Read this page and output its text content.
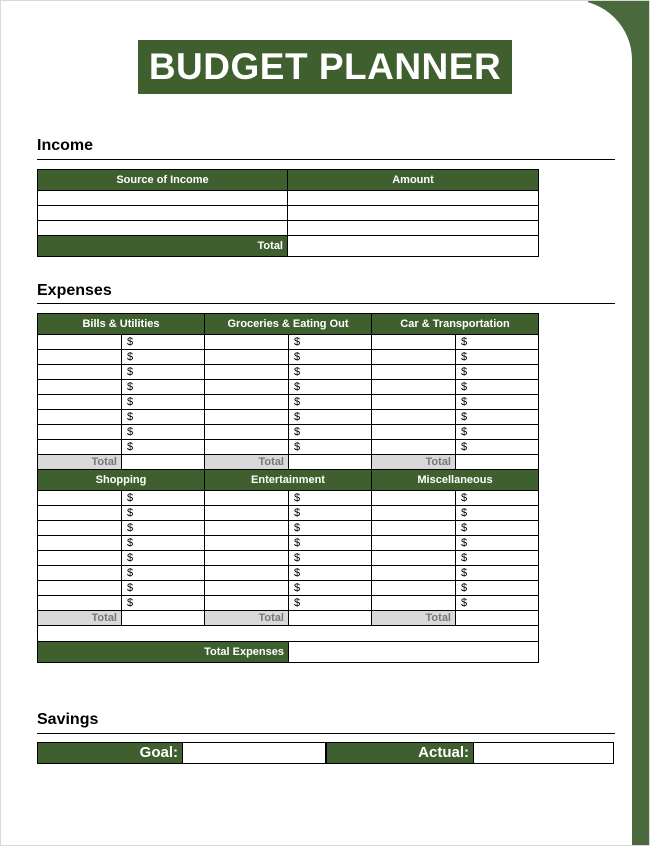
BUDGET PLANNER
Income
Source of Income	Amount

Total	
Expenses
Bills & Utilities		Groceries & Eating Out		Car & Transportation	
	$		$		$
	$		$		$
	$		$		$
	$		$		$
	$		$		$
	$		$		$
	$		$		$
	$		$		$
Total		Total		Total	
Shopping		Entertainment		Miscellaneous	
	$		$		$
	$		$		$
	$		$		$
	$		$		$
	$		$		$
	$		$		$
	$		$		$
	$		$		$
Total		Total		Total	

Total Expenses					
Savings
Goal:	Actual:
